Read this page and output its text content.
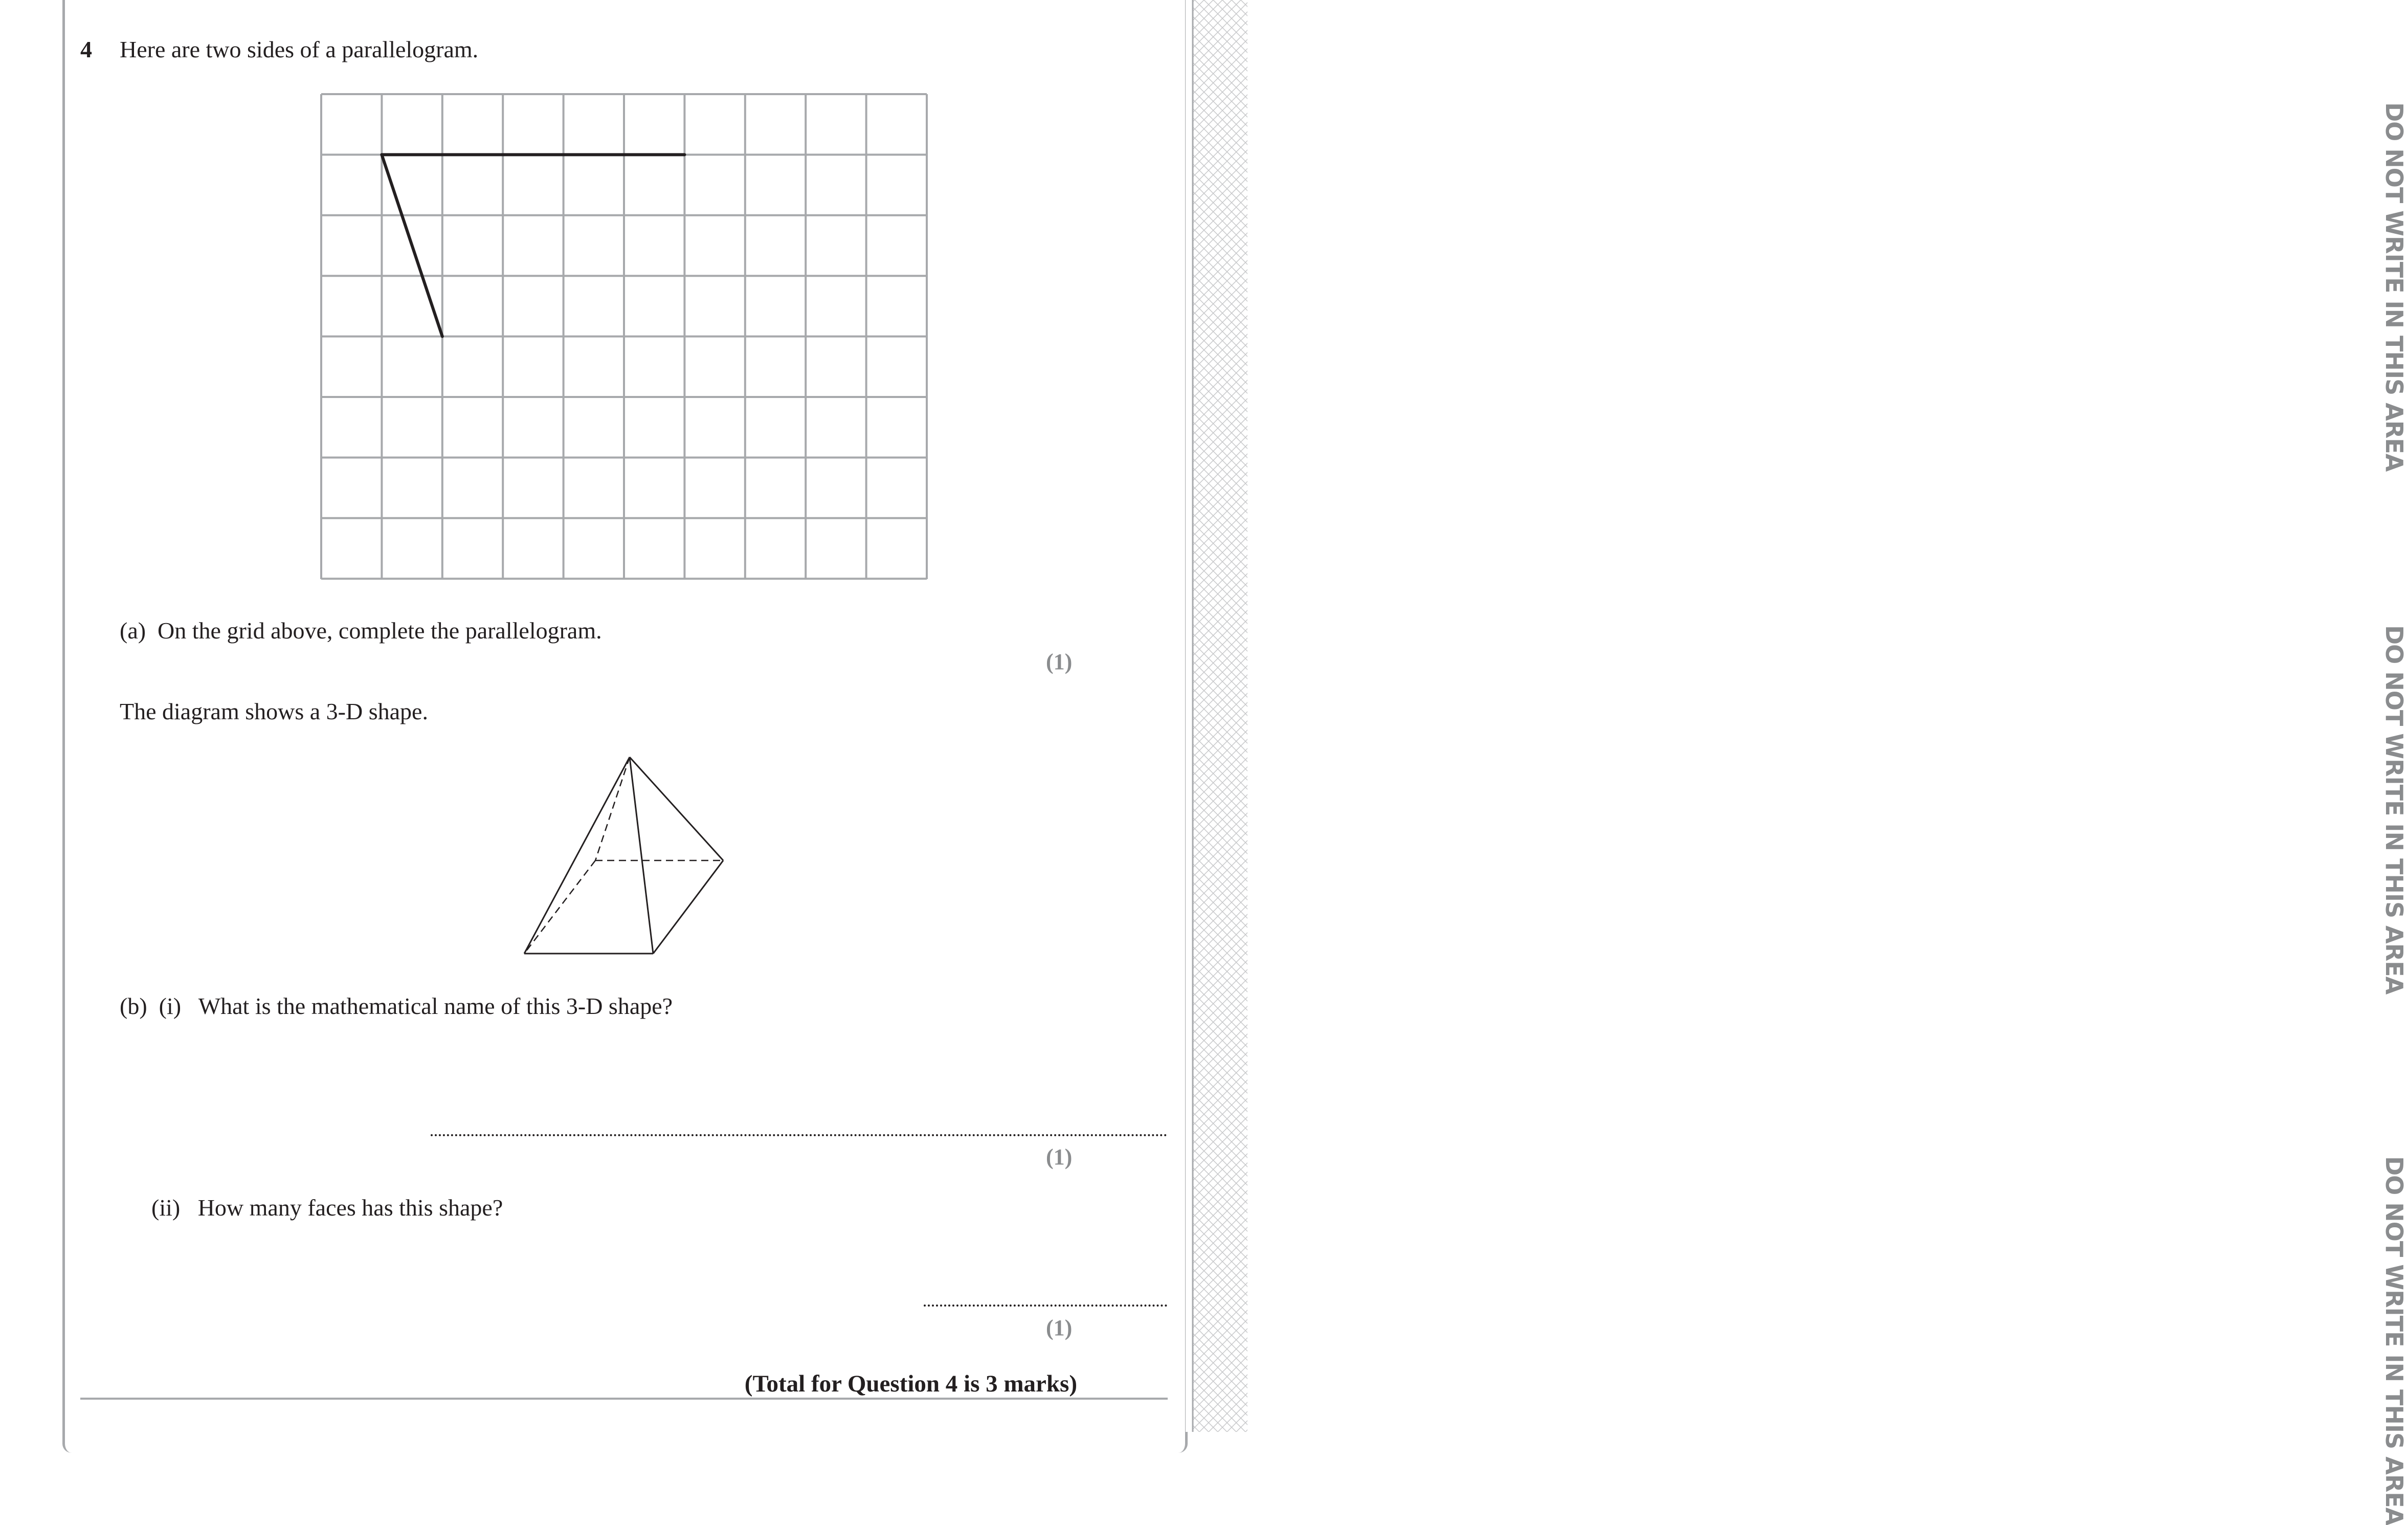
DO NOT WRITE IN THIS AREA
DO NOT WRITE IN THIS AREA
DO NOT WRITE IN THIS AREA
4 Here are two sides of a parallelogram.
(a)  On the grid above, complete the parallelogram.
(1)
The diagram shows a 3-D shape.
(b)  (i)   What is the mathematical name of this 3-D shape?
(1)
(ii)   How many faces has this shape?
(1)
(Total for Question 4 is 3 marks)
